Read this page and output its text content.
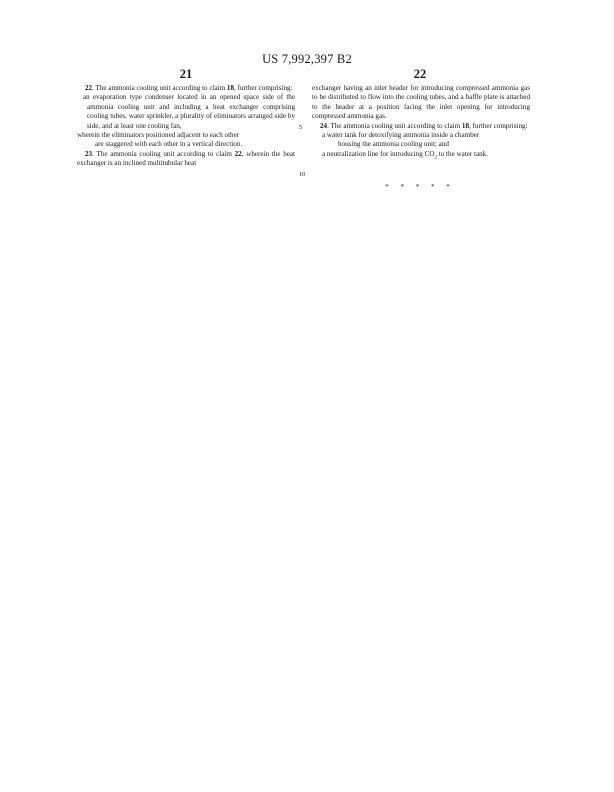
US 7,992,397 B2
21	22

22. The ammonia cooling unit according to claim 18, further comprising:

an evaporation type condenser located in an opened space side of the ammonia cooling unit and including a heat exchanger comprising cooling tubes, water sprinkler, a plurality of eliminators arranged side by side, and at least one cooling fan,

wherein the eliminators positioned adjacent to each other

are staggered with each other in a vertical direction.

23. The ammonia cooling unit according to claim 22, wherein the heat exchanger is an inclined multitubular heat

5
10

exchanger having an inlet header for introducing compressed ammonia gas to be distributed to flow into the cooling tubes, and a baffle plate is attached to the header at a position facing the inlet opening for introducing compressed ammonia gas.

24. The ammonia cooling unit according to claim 18, further comprising:

a water tank for detoxifying ammonia inside a chamber

housing the ammonia cooling unit; and

a neutralization line for introducing $CO_2$ to the water tank.

* * * * *
